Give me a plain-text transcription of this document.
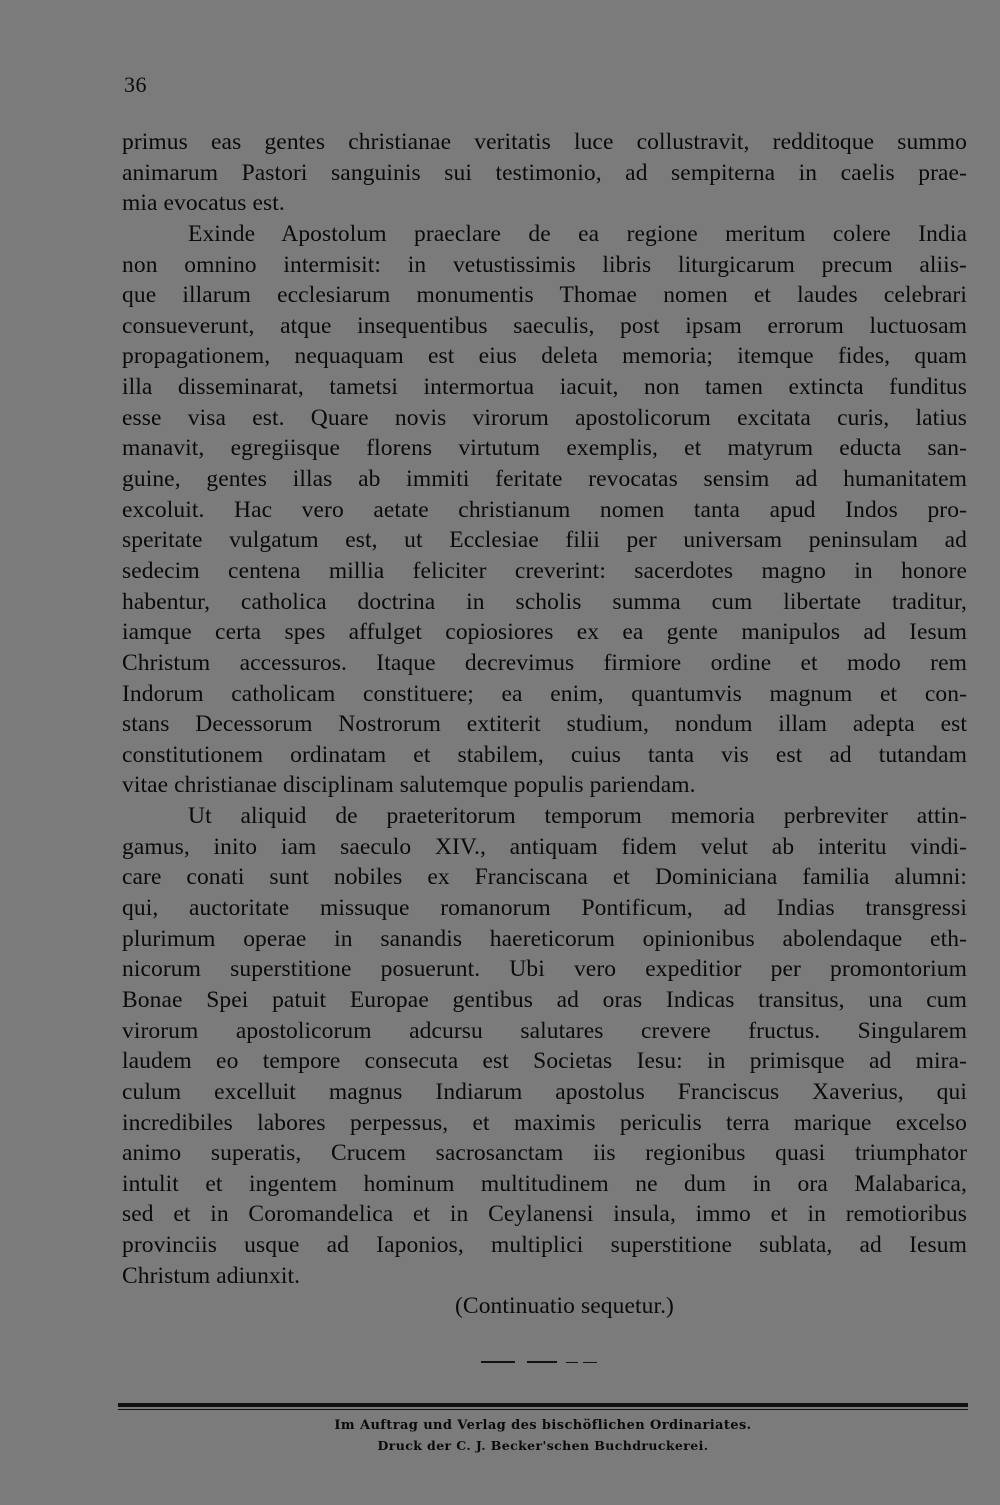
36
primus eas gentes christianae veritatis luce collustravit, redditoque summo
animarum Pastori sanguinis sui testimonio, ad sempiterna in caelis prae-
mia evocatus est.
Exinde Apostolum praeclare de ea regione meritum colere India
non omnino intermisit: in vetustissimis libris liturgicarum precum aliis-
que illarum ecclesiarum monumentis Thomae nomen et laudes celebrari
consueverunt, atque insequentibus saeculis, post ipsam errorum luctuosam
propagationem, nequaquam est eius deleta memoria; itemque fides, quam
illa disseminarat, tametsi intermortua iacuit, non tamen extincta funditus
esse visa est. Quare novis virorum apostolicorum excitata curis, latius
manavit, egregiisque florens virtutum exemplis, et matyrum educta san-
guine, gentes illas ab immiti feritate revocatas sensim ad humanitatem
excoluit. Hac vero aetate christianum nomen tanta apud Indos pro-
speritate vulgatum est, ut Ecclesiae filii per universam peninsulam ad
sedecim centena millia feliciter creverint: sacerdotes magno in honore
habentur, catholica doctrina in scholis summa cum libertate traditur,
iamque certa spes affulget copiosiores ex ea gente manipulos ad Iesum
Christum accessuros. Itaque decrevimus firmiore ordine et modo rem
Indorum catholicam constituere; ea enim, quantumvis magnum et con-
stans Decessorum Nostrorum extiterit studium, nondum illam adepta est
constitutionem ordinatam et stabilem, cuius tanta vis est ad tutandam
vitae christianae disciplinam salutemque populis pariendam.
Ut aliquid de praeteritorum temporum memoria perbreviter attin-
gamus, inito iam saeculo XIV., antiquam fidem velut ab interitu vindi-
care conati sunt nobiles ex Franciscana et Dominiciana familia alumni:
qui, auctoritate missuque romanorum Pontificum, ad Indias transgressi
plurimum operae in sanandis haereticorum opinionibus abolendaque eth-
nicorum superstitione posuerunt. Ubi vero expeditior per promontorium
Bonae Spei patuit Europae gentibus ad oras Indicas transitus, una cum
virorum apostolicorum adcursu salutares crevere fructus. Singularem
laudem eo tempore consecuta est Societas Iesu: in primisque ad mira-
culum excelluit magnus Indiarum apostolus Franciscus Xaverius, qui
incredibiles labores perpessus, et maximis periculis terra marique excelso
animo superatis, Crucem sacrosanctam iis regionibus quasi triumphator
intulit et ingentem hominum multitudinem ne dum in ora Malabarica,
sed et in Coromandelica et in Ceylanensi insula, immo et in remotioribus
provinciis usque ad Iaponios, multiplici superstitione sublata, ad Iesum
Christum adiunxit.
(Continuatio sequetur.)
Im Auftrag und Verlag des bischöflichen Ordinariates.
Druck der C. J. Becker'schen Buchdruckerei.
